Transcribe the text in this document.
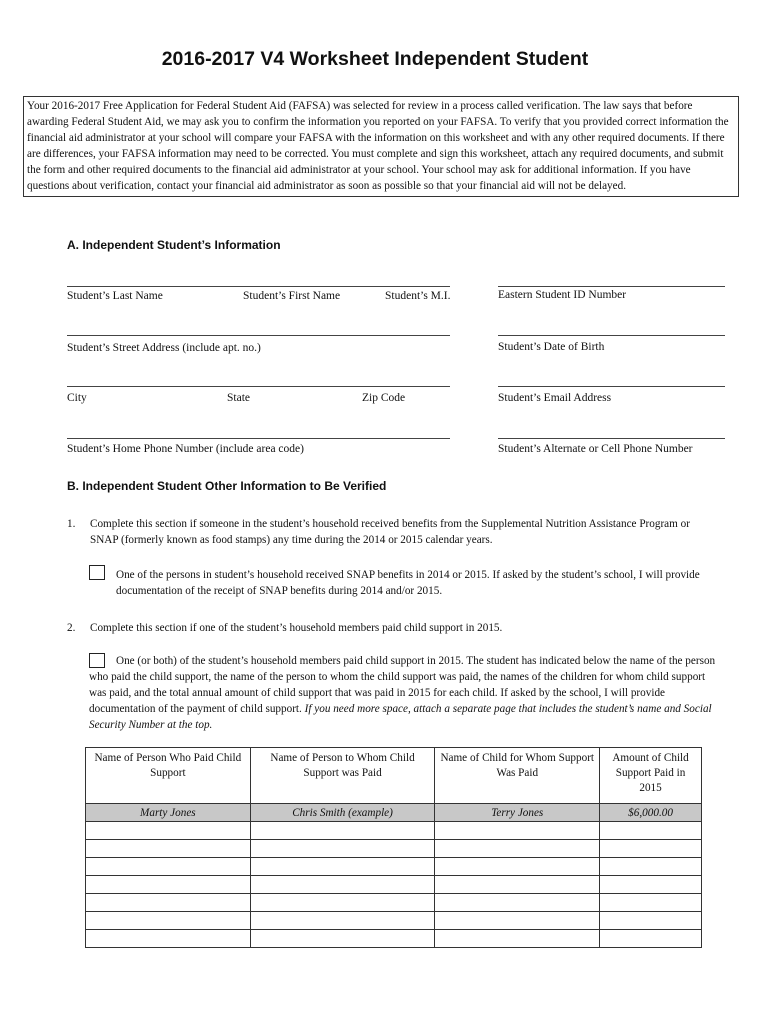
2016-2017 V4 Worksheet Independent Student
Your 2016-2017 Free Application for Federal Student Aid (FAFSA) was selected for review in a process called verification. The law says that before awarding Federal Student Aid, we may ask you to confirm the information you reported on your FAFSA. To verify that you provided correct information the financial aid administrator at your school will compare your FAFSA with the information on this worksheet and with any other required documents. If there are differences, your FAFSA information may need to be corrected. You must complete and sign this worksheet, attach any required documents, and submit the form and other required documents to the financial aid administrator at your school. Your school may ask for additional information. If you have questions about verification, contact your financial aid administrator as soon as possible so that your financial aid will not be delayed.
A. Independent Student’s Information
Student’s Last Name	Student’s First Name	Student’s M.I.	Eastern Student ID Number
Student’s Street Address (include apt. no.)	Student’s Date of Birth
City	State	Zip Code	Student’s Email Address
Student’s Home Phone Number (include area code)	Student’s Alternate or Cell Phone Number
B. Independent Student Other Information to Be Verified
1. Complete this section if someone in the student’s household received benefits from the Supplemental Nutrition Assistance Program or SNAP (formerly known as food stamps) any time during the 2014 or 2015 calendar years.
One of the persons in student’s household received SNAP benefits in 2014 or 2015. If asked by the student’s school, I will provide documentation of the receipt of SNAP benefits during 2014 and/or 2015.
2. Complete this section if one of the student’s household members paid child support in 2015.
One (or both) of the student’s household members paid child support in 2015. The student has indicated below the name of the person who paid the child support, the name of the person to whom the child support was paid, the names of the children for whom child support was paid, and the total annual amount of child support that was paid in 2015 for each child. If asked by the school, I will provide documentation of the payment of child support. If you need more space, attach a separate page that includes the student’s name and Social Security Number at the top.
Name of Person Who Paid Child Support	Name of Person to Whom Child Support was Paid	Name of Child for Whom Support Was Paid	Amount of Child Support Paid in 2015
Marty Jones	Chris Smith (example)	Terry Jones	$6,000.00
